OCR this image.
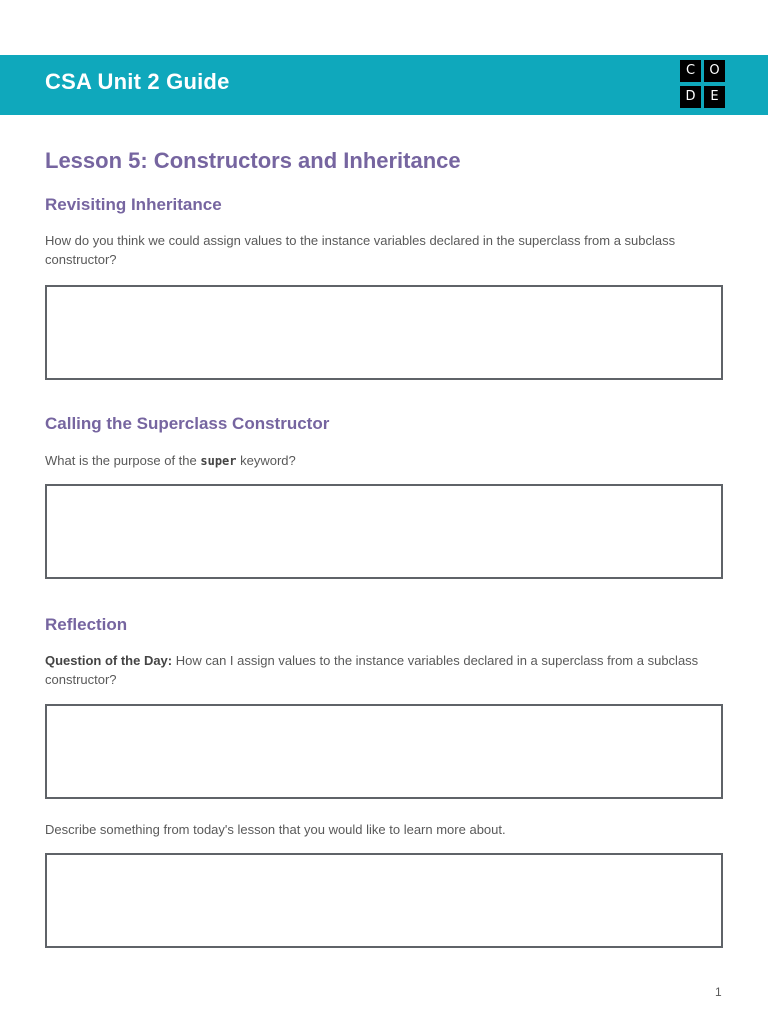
CSA Unit 2 Guide	C	O
D	E
Lesson 5: Constructors and Inheritance
Revisiting Inheritance
How do you think we could assign values to the instance variables declared in the superclass from a subclass constructor?
Calling the Superclass Constructor
What is the purpose of the super keyword?
Reflection
Question of the Day: How can I assign values to the instance variables declared in a superclass from a subclass constructor?
Describe something from today's lesson that you would like to learn more about.
1
